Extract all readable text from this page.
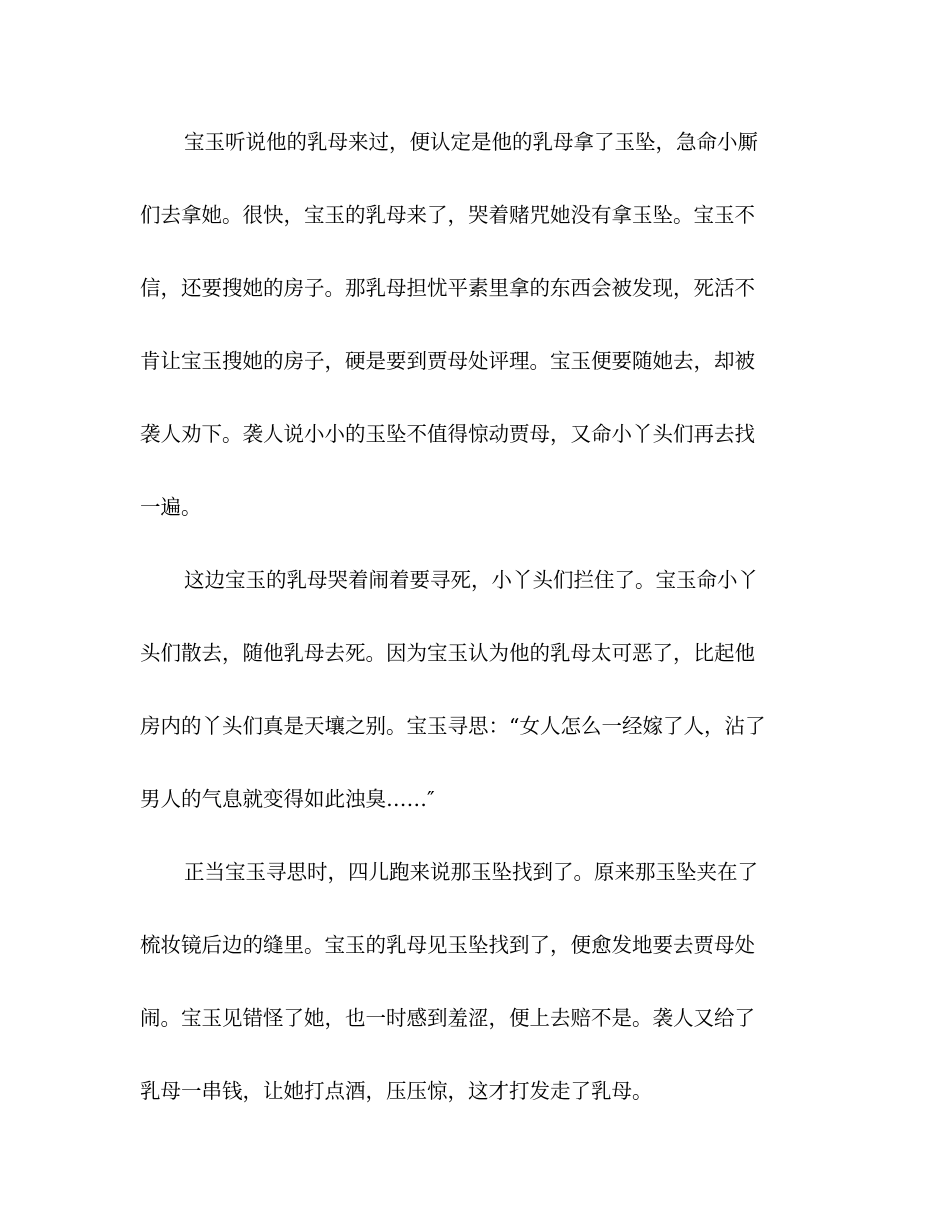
宝玉听说他的乳母来过，便认定是他的乳母拿了玉坠，急命小厮

们去拿她。很快，宝玉的乳母来了，哭着赌咒她没有拿玉坠。宝玉不

信，还要搜她的房子。那乳母担忧平素里拿的东西会被发现，死活不

肯让宝玉搜她的房子，硬是要到贾母处评理。宝玉便要随她去，却被

袭人劝下。袭人说小小的玉坠不值得惊动贾母，又命小丫头们再去找

一遍。

这边宝玉的乳母哭着闹着要寻死，小丫头们拦住了。宝玉命小丫

头们散去，随他乳母去死。因为宝玉认为他的乳母太可恶了，比起他

房内的丫头们真是天壤之别。宝玉寻思：“女人怎么一经嫁了人，沾了

男人的气息就变得如此浊臭……″

正当宝玉寻思时，四儿跑来说那玉坠找到了。原来那玉坠夹在了

梳妆镜后边的缝里。宝玉的乳母见玉坠找到了，便愈发地要去贾母处

闹。宝玉见错怪了她，也一时感到羞涩，便上去赔不是。袭人又给了

乳母一串钱，让她打点酒，压压惊，这才打发走了乳母。
